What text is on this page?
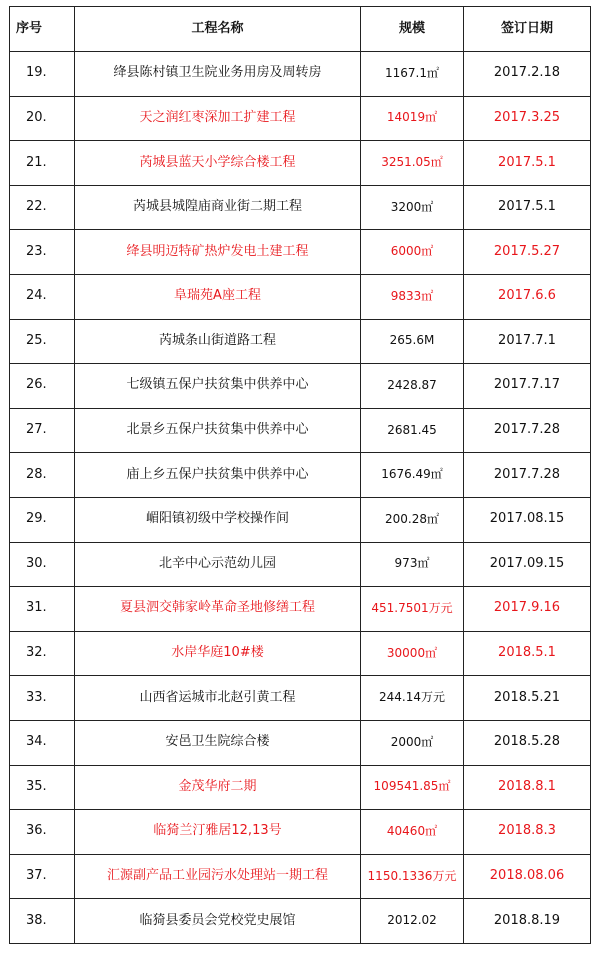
序号	工程名称	规模	签订日期
19.	绛县陈村镇卫生院业务用房及周转房	1167.1㎡	2017.2.18
20.	天之润红枣深加工扩建工程	14019㎡	2017.3.25
21.	芮城县蓝天小学综合楼工程	3251.05㎡	2017.5.1
22.	芮城县城隍庙商业街二期工程	3200㎡	2017.5.1
23.	绛县明迈特矿热炉发电土建工程	6000㎡	2017.5.27
24.	阜瑞苑A座工程	9833㎡	2017.6.6
25.	芮城条山街道路工程	265.6M	2017.7.1
26.	七级镇五保户扶贫集中供养中心	2428.87	2017.7.17
27.	北景乡五保户扶贫集中供养中心	2681.45	2017.7.28
28.	庙上乡五保户扶贫集中供养中心	1676.49㎡	2017.7.28
29.	嵋阳镇初级中学校操作间	200.28㎡	2017.08.15
30.	北辛中心示范幼儿园	973㎡	2017.09.15
31.	夏县泗交韩家岭革命圣地修缮工程	451.7501万元	2017.9.16
32.	水岸华庭10#楼	30000㎡	2018.5.1
33.	山西省运城市北赵引黄工程	244.14万元	2018.5.21
34.	安邑卫生院综合楼	2000㎡	2018.5.28
35.	金茂华府二期	109541.85㎡	2018.8.1
36.	临猗兰汀雅居12,13号	40460㎡	2018.8.3
37.	汇源副产品工业园污水处理站一期工程	1150.1336万元	2018.08.06
38.	临猗县委员会党校党史展馆	2012.02	2018.8.19
